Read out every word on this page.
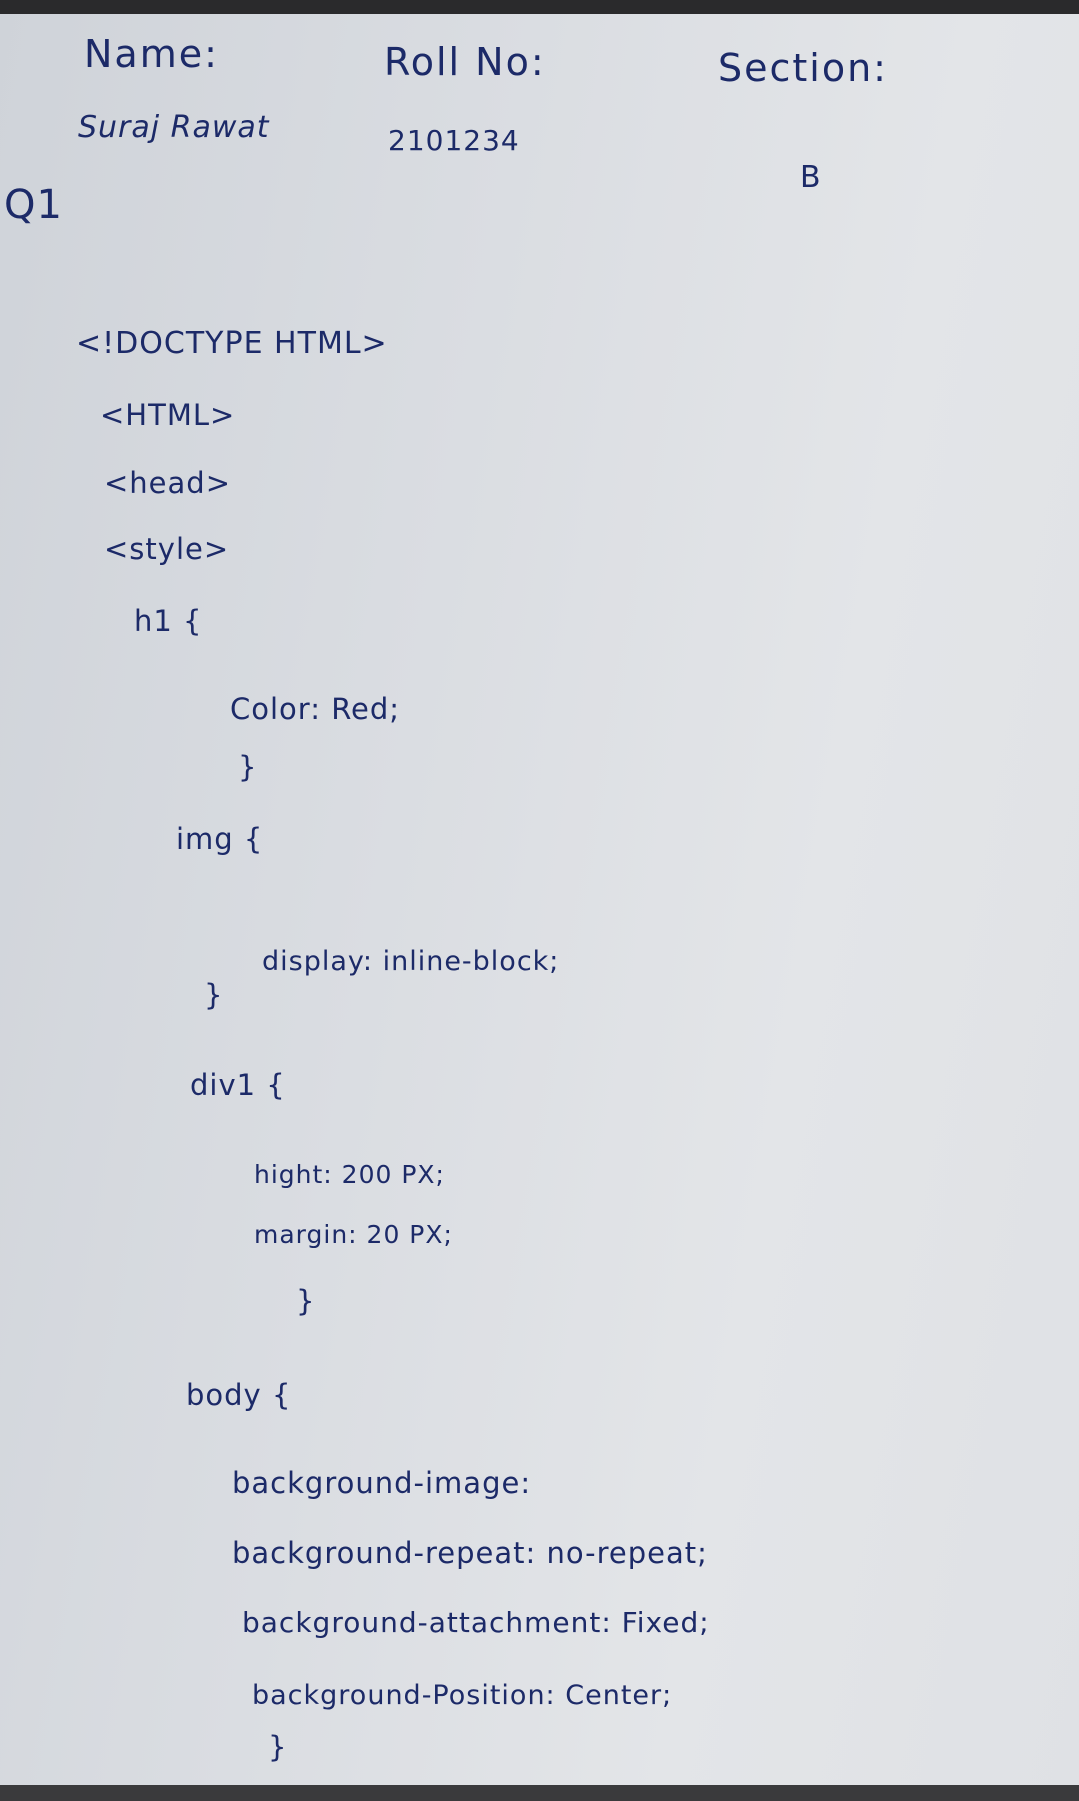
Name:	Roll No:	Section:
Suraj Rawat	2101234
B
Q1
<!DOCTYPE HTML>
<HTML>
<head>
<style>
h1 {
Color: Red;
}
img {
display: inline-block;
}
div1 {
hight: 200 PX;
margin: 20 PX;
}
body {
background-image:
background-repeat: no-repeat;
background-attachment: Fixed;
background-Position: Center;
}
